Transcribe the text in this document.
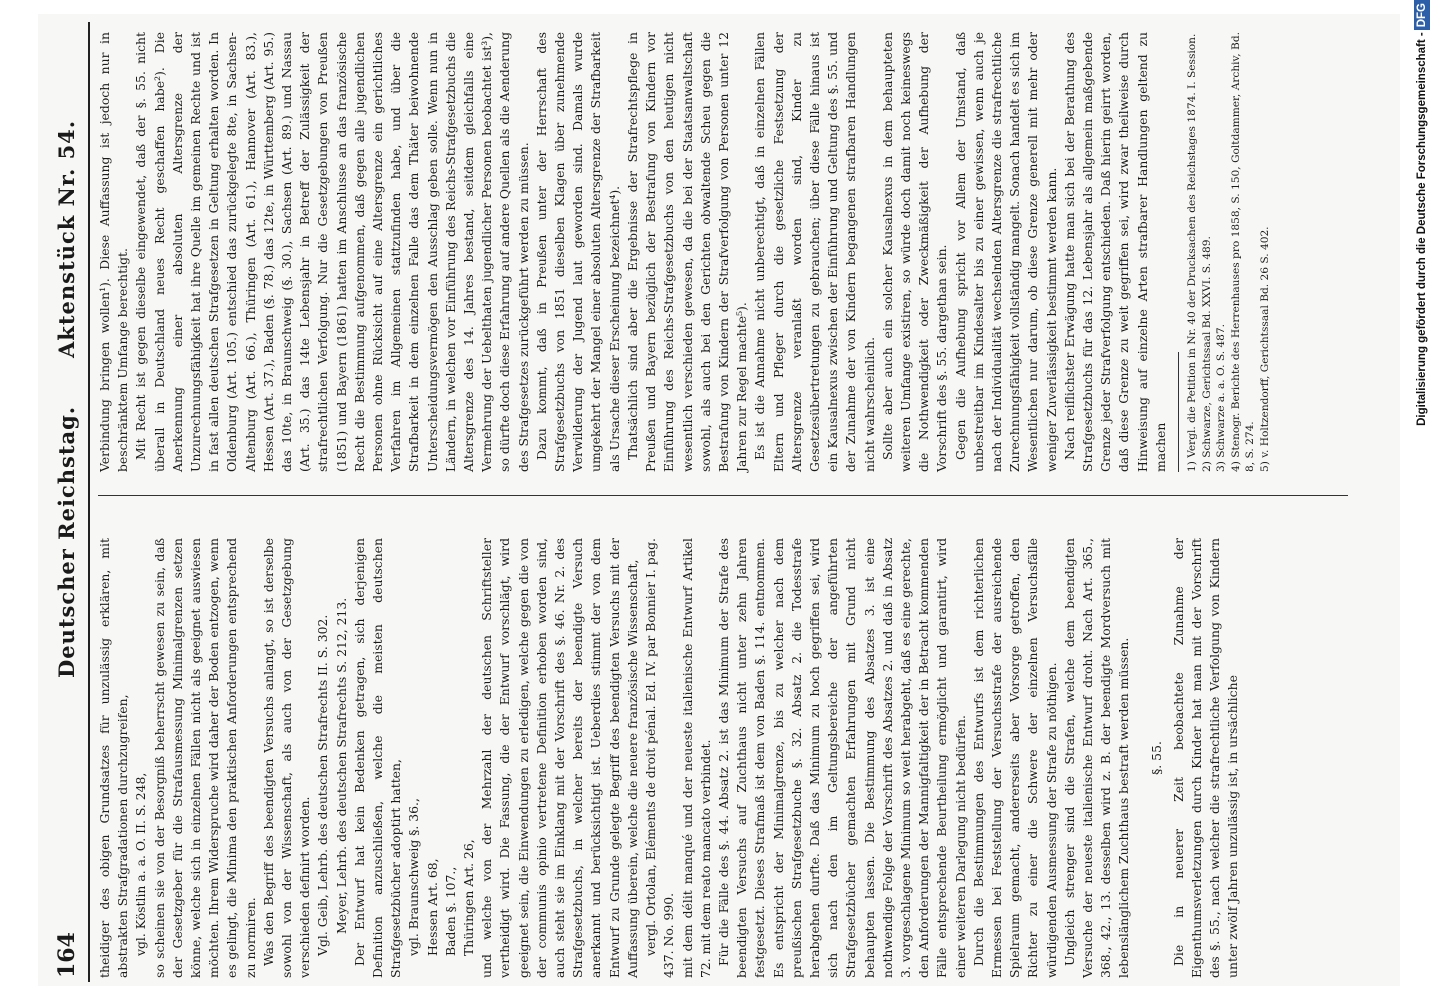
164
Deutscher Reichstag.
Aktenstück Nr. 54.

theidiger des obigen Grundsatzes für unzulässig erklären, mit abstrakten Strafgradationen durchzugreifen, vgl. Köstlin a. a. O. II. S. 248, so scheinen sie von der Besorgniß beherrscht gewesen zu sein, daß der Gesetzgeber für die Strafausmessung Minimalgrenzen setzen könne, welche sich in einzelnen Fällen nicht als geeignet auswiesen möchten. Ihrem Widerspruche wird daher der Boden entzogen, wenn es gelingt, die Minima den praktischen Anforderungen entsprechend zu normiren. Was den Begriff des beendigten Versuchs anlangt, so ist derselbe sowohl von der Wissenschaft, als auch von der Gesetzgebung verschieden definirt worden. Vgl. Geib, Lehrb. des deutschen Strafrechts II. S. 302. Meyer, Lehrb. des deutschen Strafrechts S. 212, 213. Der Entwurf hat kein Bedenken getragen, sich derjenigen Definition anzuschließen, welche die meisten deutschen Strafgesetzbücher adoptirt hatten, vgl. Braunschweig §. 36., Hessen Art. 68, Baden §. 107., Thüringen Art. 26, und welche von der Mehrzahl der deutschen Schriftsteller vertheidigt wird. Die Fassung, die der Entwurf vorschlägt, wird geeignet sein, die Einwendungen zu erledigen, welche gegen die von der communis opinio vertretene Definition erhoben worden sind, auch steht sie im Einklang mit der Vorschrift des §. 46. Nr. 2. des Strafgesetzbuchs, in welcher bereits der beendigte Versuch anerkannt und berücksichtigt ist. Ueberdies stimmt der von dem Entwurf zu Grunde gelegte Begriff des beendigten Versuchs mit der Auffassung überein, welche die neuere französische Wissenschaft, vergl. Ortolan, Eléments de droit pénal. Ed. IV. par Bonnier I. pag. 437. No. 990. mit dem délit manqué und der neueste italienische Entwurf Artikel 72. mit dem reato mancato verbindet. Für die Fälle des §. 44. Absatz 2. ist das Minimum der Strafe des beendigten Versuchs auf Zuchthaus nicht unter zehn Jahren festgesetzt. Dieses Strafmaß ist dem von Baden §. 114. entnommen. Es entspricht der Minimalgrenze, bis zu welcher nach dem preußischen Strafgesetzbuche §. 32. Absatz 2. die Todesstrafe herabgehen durfte. Daß das Minimum zu hoch gegriffen sei, wird sich nach den im Geltungsbereiche der angeführten Strafgesetzbücher gemachten Erfahrungen mit Grund nicht behaupten lassen. Die Bestimmung des Absatzes 3. ist eine nothwendige Folge der Vorschrift des Absatzes 2. und daß in Absatz 3. vorgeschlagene Minimum so weit herabgeht, daß es eine gerechte, den Anforderungen der Mannigfaltigkeit der in Betracht kommenden Fälle entsprechende Beurtheilung ermöglicht und garantirt, wird einer weiteren Darlegung nicht bedürfen. Durch die Bestimmungen des Entwurfs ist dem richterlichen Ermessen bei Feststellung der Versuchsstrafe der ausreichende Spielraum gemacht, andererseits aber Vorsorge getroffen, den Richter zu einer die Schwere der einzelnen Versuchsfälle würdigenden Ausmessung der Strafe zu nöthigen. Ungleich strenger sind die Strafen, welche dem beendigten Versuche der neueste italienische Entwurf droht. Nach Art. 365., 368., 42., 13. desselben wird z. B. der beendigte Mordversuch mit lebenslänglichem Zuchthaus bestraft werden müssen. §. 55. Die in neuerer Zeit beobachtete Zunahme der Eigenthumsverletzungen durch Kinder hat man mit der Vorschrift des §. 55., nach welcher die strafrechtliche Verfolgung von Kindern unter zwölf Jahren unzulässig ist, in ursächliche

Verbindung bringen wollen¹). Diese Auffassung ist jedoch nur in beschränktem Umfange berechtigt. Mit Recht ist gegen dieselbe eingewendet, daß der §. 55. nicht überall in Deutschland neues Recht geschaffen habe²). Die Anerkennung einer absoluten Altersgrenze der Unzurechnungsfähigkeit hat ihre Quelle im gemeinen Rechte und ist in fast allen deutschen Strafgesetzen in Geltung erhalten worden. In Oldenburg (Art. 105.) entschied das zurückgelegte 8te, in Sachsen-Altenburg (Art. 66.), Thüringen (Art. 61.), Hannover (Art. 83.), Hessen (Art. 37.), Baden (§. 78.) das 12te, in Württemberg (Art. 95.) das 10te, in Braunschweig (§. 30.), Sachsen (Art. 89.) und Nassau (Art. 35.) das 14te Lebensjahr in Betreff der Zulässigkeit der strafrechtlichen Verfolgung. Nur die Gesetzgebungen von Preußen (1851) und Bayern (1861) hatten im Anschlusse an das französische Recht die Bestimmung aufgenommen, daß gegen alle jugendlichen Personen ohne Rücksicht auf eine Altersgrenze ein gerichtliches Verfahren im Allgemeinen stattzufinden habe, und über die Strafbarkeit in dem einzelnen Falle das dem Thäter beiwohnende Unterscheidungsvermögen den Ausschlag geben solle. Wenn nun in Ländern, in welchen vor Einführung des Reichs-Strafgesetzbuchs die Altersgrenze des 14. Jahres bestand, seitdem gleichfalls eine Vermehrung der Uebelthaten jugendlicher Personen beobachtet ist³), so dürfte doch diese Erfahrung auf andere Quellen als die Aenderung des Strafgesetzes zurückgeführt werden zu müssen. Dazu kommt, daß in Preußen unter der Herrschaft des Strafgesetzbuchs von 1851 dieselben Klagen über zunehmende Verwilderung der Jugend laut geworden sind. Damals wurde umgekehrt der Mangel einer absoluten Altersgrenze der Strafbarkeit als Ursache dieser Erscheinung bezeichnet⁴). Thatsächlich sind aber die Ergebnisse der Strafrechtspflege in Preußen und Bayern bezüglich der Bestrafung von Kindern vor Einführung des Reichs-Strafgesetzbuchs von den heutigen nicht wesentlich verschieden gewesen, da die bei der Staatsanwaltschaft sowohl, als auch bei den Gerichten obwaltende Scheu gegen die Bestrafung von Kindern der Strafverfolgung von Personen unter 12 Jahren zur Regel machte⁵). Es ist die Annahme nicht unberechtigt, daß in einzelnen Fällen Eltern und Pfleger durch die gesetzliche Festsetzung der Altersgrenze veranlaßt worden sind, Kinder zu Gesetzesübertretungen zu gebrauchen; über diese Fälle hinaus ist ein Kausalnexus zwischen der Einführung und Geltung des §. 55. und der Zunahme der von Kindern begangenen strafbaren Handlungen nicht wahrscheinlich. Sollte aber auch ein solcher Kausalnexus in dem behaupteten weiteren Umfange existiren, so würde doch damit noch keineswegs die Nothwendigkeit oder Zweckmäßigkeit der Aufhebung der Vorschrift des §. 55. dargethan sein. Gegen die Aufhebung spricht vor Allem der Umstand, daß unbestreitbar im Kindesalter bis zu einer gewissen, wenn auch je nach der Individualität wechselnden Altersgrenze die strafrechtliche Zurechnungsfähigkeit vollständig mangelt. Sonach handelt es sich im Wesentlichen nur darum, ob diese Grenze generell mit mehr oder weniger Zuverlässigkeit bestimmt werden kann. Nach reiflichster Erwägung hatte man sich bei der Berathung des Strafgesetzbuchs für das 12. Lebensjahr als allgemein maßgebende Grenze jeder Strafverfolgung entschieden. Daß hierin geirrt worden, daß diese Grenze zu weit gegriffen sei, wird zwar theilweise durch Hinweisung auf einzelne Arten strafbarer Handlungen geltend zu machen 1) Vergl. die Petition in Nr. 40 der Drucksachen des Reichstages 1874. I. Session. 2) Schwarze, Gerichtssaal Bd. XXVI. S. 489. 3) Schwarze a. a. O. S. 487. 4) Stenogr. Berichte des Herrenhauses pro 1858, S. 150, Goltdammer, Archiv, Bd. 8, S. 274. 5) v. Holtzendorff, Gerichtssaal Bd. 26 S. 402.	Digitalisierung gefördert durch die Deutsche Forschungsgemeinschaft -DFG
